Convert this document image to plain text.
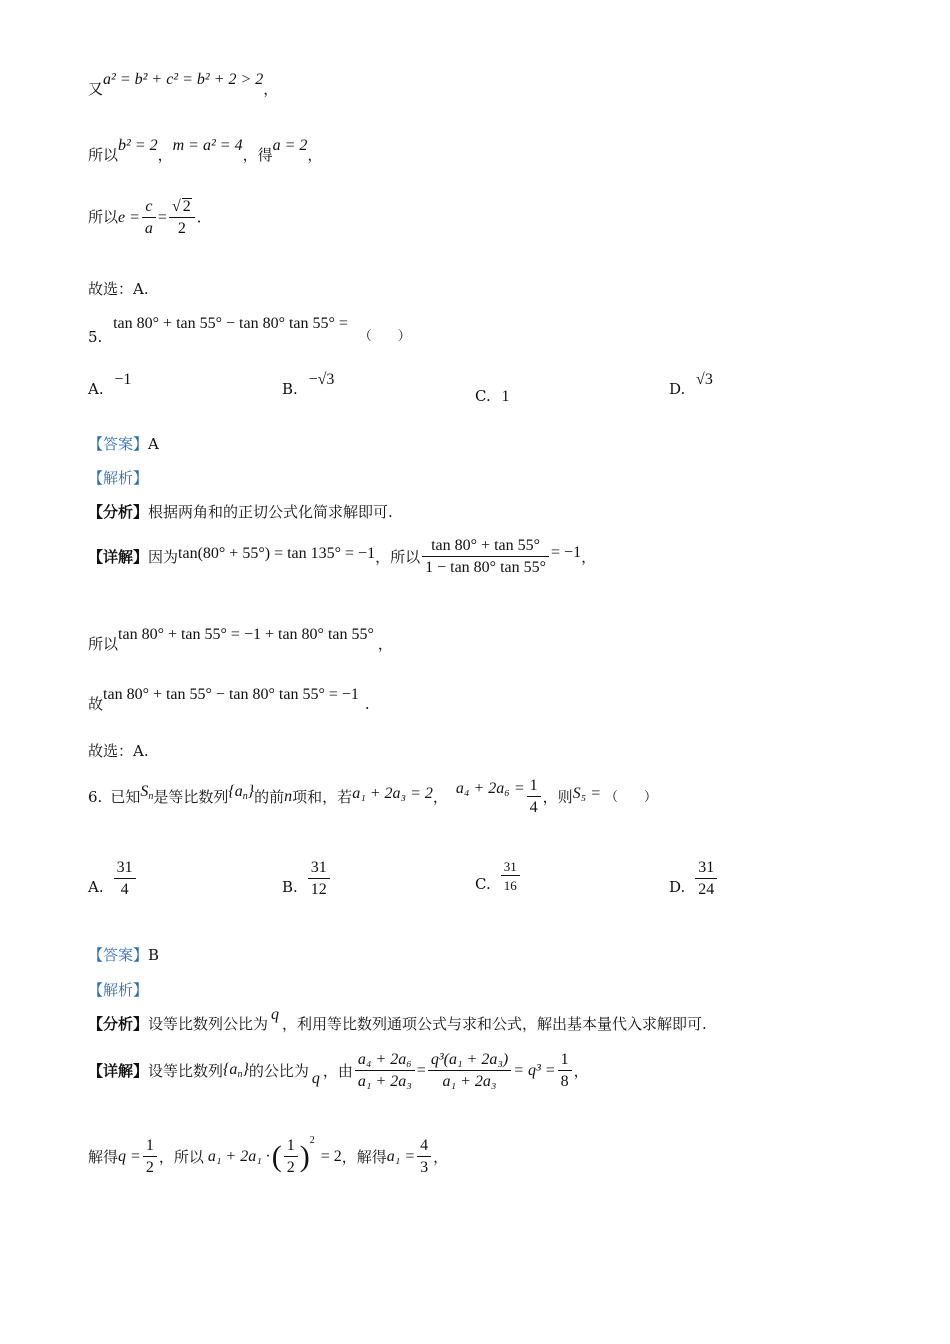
又a² = b² + c² = b² + 2 > 2，
所以b² = 2，m = a² = 4，得a = 2，
所以 $e = \frac{c}{a} = \frac{√ 2}{2}$ ．
故选：A.
5. tan 80° + tan 55° − tan 80° tan 55° = （　　）
A. −1
B. −√3
C. 1	D. √3
【答案】A
【解析】
【分析】根据两角和的正切公式化简求解即可.
【详解】 因为 tan(80° + 55°) = tan 135° = −1 ，所以 $\frac{\tan 80^\circ + \tan 55^\circ}{1 - \tan 80^\circ \tan 55^\circ} = -1$ ，
所以tan 80° + tan 55° = −1 + tan 80° tan 55°，
故tan 80° + tan 55° − tan 80° tan 55° = −1.
故选：A.
6. 已知 $S_n$ 是等比数列 $\{a_n\}$ 的前 n 项和，若 a₁ + 2a₃ = 2 ， $a_4 + 2a_6 = \frac{1}{4}$ ，则 S₅ = （　　）
A. $\frac{31}{4}$	B. $\frac{31}{12}$	C. $\frac{31}{16}$	D. $\frac{31}{24}$
【答案】B
【解析】
【分析】设等比数列公比为q，利用等比数列通项公式与求和公式，解出基本量代入求解即可.
【详解】 设等比数列 $\{a_n\}$ 的公比为 q ，由 $\frac{\text{a₄ + 2a₆}}{\text{a₁ + 2a₃}} = \frac{\text{q³(a₁ + 2a₃)}}{\text{a₁ + 2a₃}} = q^3 = \frac{1}{8}$ ，
解得 $q = \frac{1}{2}$ ，所以 a₁ + 2a₁ · ( $\frac{1}{2}$ ) 2
= 2 ，解得 $a_1 = \frac{4}{3}$ ，
